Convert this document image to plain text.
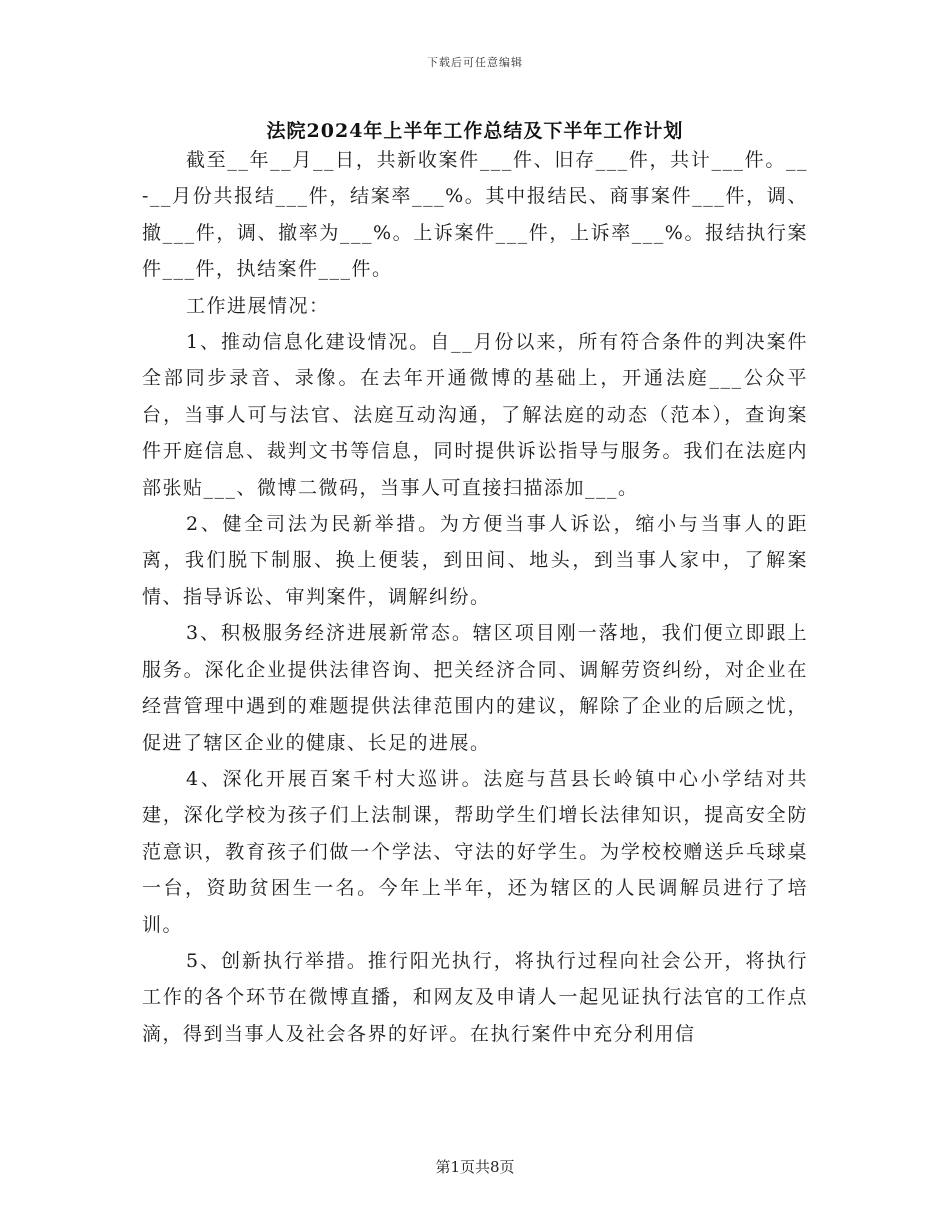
下载后可任意编辑
法院2024年上半年工作总结及下半年工作计划

截至__年__月__日，共新收案件___件、旧存___件，共计___件。__-__月份共报结___件，结案率___%。其中报结民、商事案件___件，调、撤___件，调、撤率为___%。上诉案件___件，上诉率___%。报结执行案件___件，执结案件___件。

工作进展情况：

1、推动信息化建设情况。自__月份以来，所有符合条件的判决案件全部同步录音、录像。在去年开通微博的基础上，开通法庭___公众平台，当事人可与法官、法庭互动沟通，了解法庭的动态（范本），查询案件开庭信息、裁判文书等信息，同时提供诉讼指导与服务。我们在法庭内部张贴___、微博二微码，当事人可直接扫描添加___。

2、健全司法为民新举措。为方便当事人诉讼，缩小与当事人的距离，我们脱下制服、换上便装，到田间、地头，到当事人家中，了解案情、指导诉讼、审判案件，调解纠纷。

3、积极服务经济进展新常态。辖区项目刚一落地，我们便立即跟上服务。深化企业提供法律咨询、把关经济合同、调解劳资纠纷，对企业在经营管理中遇到的难题提供法律范围内的建议，解除了企业的后顾之忧，促进了辖区企业的健康、长足的进展。

4、深化开展百案千村大巡讲。法庭与莒县长岭镇中心小学结对共建，深化学校为孩子们上法制课，帮助学生们增长法律知识，提高安全防范意识，教育孩子们做一个学法、守法的好学生。为学校校赠送乒乓球桌一台，资助贫困生一名。今年上半年，还为辖区的人民调解员进行了培训。

5、创新执行举措。推行阳光执行，将执行过程向社会公开，将执行工作的各个环节在微博直播，和网友及申请人一起见证执行法官的工作点滴，得到当事人及社会各界的好评。在执行案件中充分利用信

第1页共8页
